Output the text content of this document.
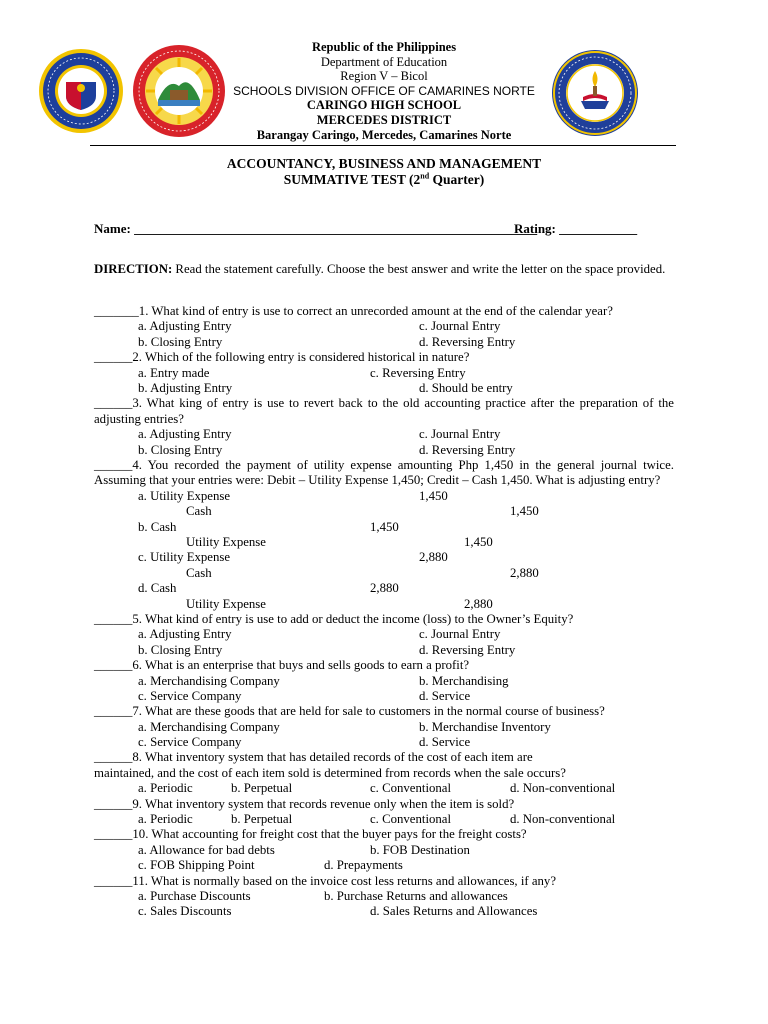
Republic of the Philippines
Department of Education
Region V – Bicol
SCHOOLS DIVISION OFFICE OF CAMARINES NORTE
CARINGO HIGH SCHOOL
MERCEDES DISTRICT
Barangay Caringo, Mercedes, Camarines Norte
ACCOUNTANCY, BUSINESS AND MANAGEMENT
SUMMATIVE TEST (2nd Quarter)
Name: ______________________________________________________________
Rating: ____________
DIRECTION: Read the statement carefully. Choose the best answer and write the letter on the space provided.
_______1. What kind of entry is use to correct an unrecorded amount at the end of the calendar year?
a. Adjusting Entry	c. Journal Entry
b. Closing Entry	d. Reversing Entry
______2. Which of the following entry is considered historical in nature?
a. Entry made	c. Reversing Entry
b. Adjusting Entry	d. Should be entry
______3. What king of entry is use to revert back to the old accounting practice after the preparation of the adjusting entries?
a. Adjusting Entry	c. Journal Entry
b. Closing Entry	d. Reversing Entry
______4. You recorded the payment of utility expense amounting Php 1,450 in the general journal twice. Assuming that your entries were: Debit – Utility Expense 1,450; Credit – Cash 1,450. What is adjusting entry?
a. Utility Expense	1,450
Cash	1,450
b. Cash	1,450
Utility Expense	1,450
c. Utility Expense	2,880
Cash	2,880
d. Cash	2,880
Utility Expense	2,880
______5. What kind of entry is use to add or deduct the income (loss) to the Owner’s Equity?
a. Adjusting Entry	c. Journal Entry
b. Closing Entry	d. Reversing Entry
______6. What is an enterprise that buys and sells goods to earn a profit?
a. Merchandising Company	b. Merchandising
c. Service Company	d. Service
______7. What are these goods that are held for sale to customers in the normal course of business?
a. Merchandising Company	b. Merchandise Inventory
c. Service Company	d. Service
______8. What inventory system that has detailed records of the cost of each item are maintained, and the cost of each item sold is determined from records when the sale occurs?
a. Periodic	b. Perpetual	c. Conventional	d. Non-conventional
______9. What inventory system that records revenue only when the item is sold?
a. Periodic	b. Perpetual	c. Conventional	d. Non-conventional
______10. What accounting for freight cost that the buyer pays for the freight costs?
a. Allowance for bad debts	b. FOB Destination
c. FOB Shipping Point	d. Prepayments
______11. What is normally based on the invoice cost less returns and allowances, if any?
a. Purchase Discounts	b. Purchase Returns and allowances
c. Sales Discounts	d. Sales Returns and Allowances
